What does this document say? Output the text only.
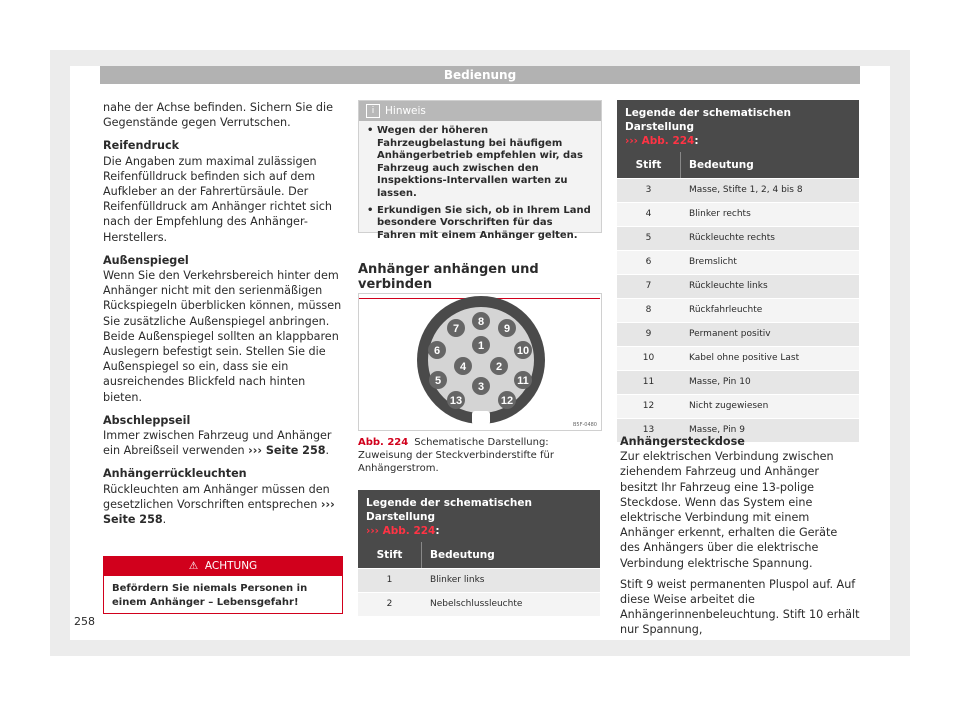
Bedienung

nahe der Achse befinden. Sichern Sie die Gegenstände gegen Verrutschen.

Reifendruck
Die Angaben zum maximal zulässigen Reifenfülldruck befinden sich auf dem Aufkleber an der Fahrertürsäule. Der Reifenfülldruck am Anhänger richtet sich nach der Empfehlung des Anhänger-Herstellers.

Außenspiegel
Wenn Sie den Verkehrsbereich hinter dem Anhänger nicht mit den serienmäßigen Rückspiegeln überblicken können, müssen Sie zusätzliche Außenspiegel anbringen. Beide Außenspiegel sollten an klappbaren Auslegern befestigt sein. Stellen Sie die Außenspiegel so ein, dass sie ein ausreichendes Blickfeld nach hinten bieten.

Abschleppseil
Immer zwischen Fahrzeug und Anhänger ein Abreißseil verwenden ››› Seite 258.

Anhängerrückleuchten
Rückleuchten am Anhänger müssen den gesetzlichen Vorschriften entsprechen ››› Seite 258.

⚠  ACHTUNG
Befördern Sie niemals Personen in einem Anhänger – Lebensgefahr!
i	Hinweis
• Wegen der höheren Fahrzeugbelastung bei häufigem Anhängerbetrieb empfehlen wir, das Fahrzeug auch zwischen den Inspektions-Intervallen warten zu lassen.
• Erkundigen Sie sich, ob in Ihrem Land besondere Vorschriften für das Fahren mit einem Anhänger gelten.
Anhänger anhängen und verbinden
1
2
3
4
5
6
7
8
9
10
11
12
13
B5F-0480
Abb. 224 Schematische Darstellung: Zuweisung der Steckverbinderstifte für Anhängerstrom.
Legende der schematischen Darstellung
››› Abb. 224:
Stift	Bedeutung
1	Blinker links
2	Nebelschlussleuchte
Legende der schematischen Darstellung
››› Abb. 224:
Stift	Bedeutung
3	Masse, Stifte 1, 2, 4 bis 8
4	Blinker rechts
5	Rückleuchte rechts
6	Bremslicht
7	Rückleuchte links
8	Rückfahrleuchte
9	Permanent positiv
10	Kabel ohne positive Last
11	Masse, Pin 10
12	Nicht zugewiesen
13	Masse, Pin 9

Anhängersteckdose
Zur elektrischen Verbindung zwischen ziehendem Fahrzeug und Anhänger besitzt Ihr Fahrzeug eine 13-polige Steckdose. Wenn das System eine elektrische Verbindung mit einem Anhänger erkennt, erhalten die Geräte des Anhängers über die elektrische Verbindung elektrische Spannung.

Stift 9 weist permanenten Pluspol auf. Auf diese Weise arbeitet die Anhängerinnenbeleuchtung. Stift 10 erhält nur Spannung,

258
